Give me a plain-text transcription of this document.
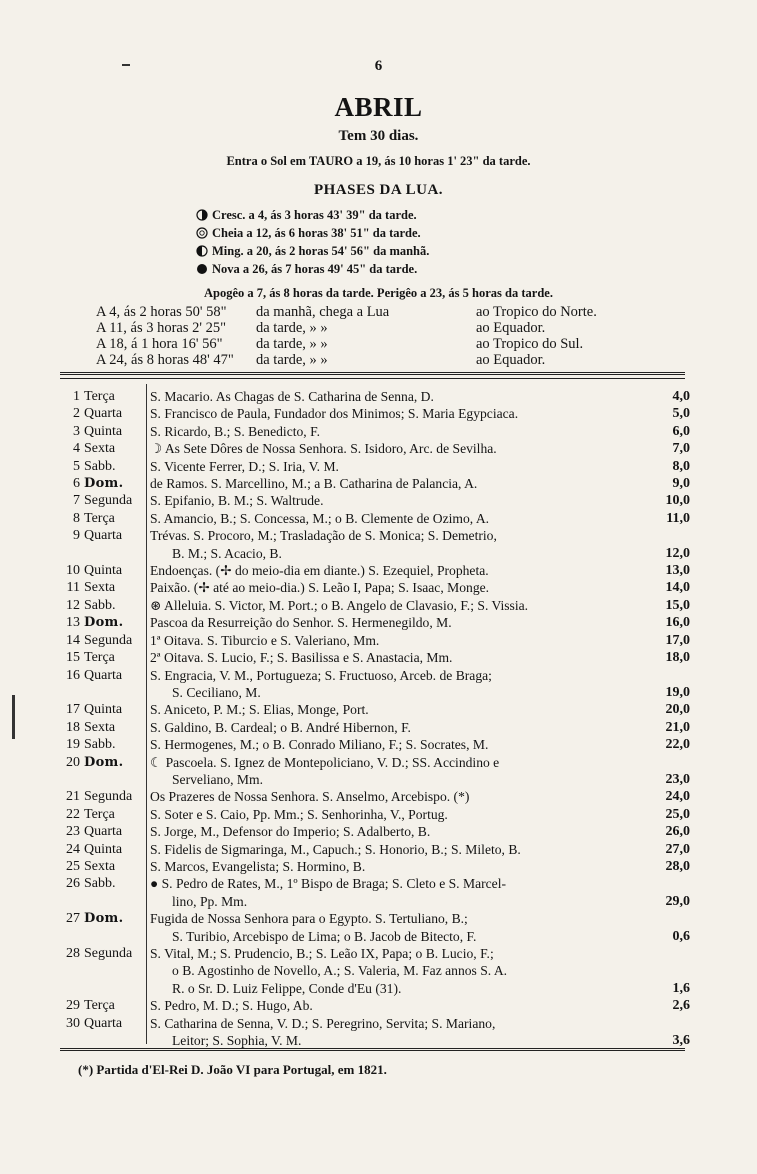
6
ABRIL
Tem 30 dias.
Entra o Sol em TAURO a 19, ás 10 horas 1' 23" da tarde.
PHASES DA LUA.
Cresc. a 4, ás 3 horas 43' 39" da tarde.
Cheia a 12, ás 6 horas 38' 51" da tarde.
Ming. a 20, ás 2 horas 54' 56" da manhã.
Nova a 26, ás 7 horas 49' 45" da tarde.
Apogêo a 7, ás 8 horas da tarde. Perigêo a 23, ás 5 horas da tarde.
A 4, ás 2 horas 50' 58" da manhã, chega a Lua	ao Tropico do Norte.
A 11, ás 3 horas 2' 25" da tarde, » »	ao Equador.
A 18, á 1 hora 16' 56" da tarde, » »	ao Tropico do Sul.
A 24, ás 8 horas 48' 47" da tarde, » »	ao Equador.
1 Terça	S. Macario. As Chagas de S. Catharina de Senna, D.	4,0
2 Quarta	S. Francisco de Paula, Fundador dos Minimos; S. Maria Egypciaca.	5,0
3 Quinta	S. Ricardo, B.; S. Benedicto, F.	6,0
4 Sexta	☽ As Sete Dôres de Nossa Senhora. S. Isidoro, Arc. de Sevilha.	7,0
5 Sabb.	S. Vicente Ferrer, D.; S. Iria, V. M.	8,0
6 Dom.	de Ramos. S. Marcellino, M.; a B. Catharina de Palancia, A.	9,0
7 Segunda	S. Epifanio, B. M.; S. Waltrude.	10,0
8 Terça	S. Amancio, B.; S. Concessa, M.; o B. Clemente de Ozimo, A.	11,0
9 Quarta	Trévas. S. Procoro, M.; Trasladação de S. Monica; S. Demetrio,
B. M.; S. Acacio, B.	12,0
10 Quinta	Endoenças. (✢ do meio-dia em diante.) S. Ezequiel, Propheta.	13,0
11 Sexta	Paixão. (✢ até ao meio-dia.) S. Leão I, Papa; S. Isaac, Monge.	14,0
12 Sabb.	⊛ Alleluia. S. Victor, M. Port.; o B. Angelo de Clavasio, F.; S. Vissia.	15,0
13 Dom.	Pascoa da Resurreição do Senhor. S. Hermenegildo, M.	16,0
14 Segunda	1ª Oitava. S. Tiburcio e S. Valeriano, Mm.	17,0
15 Terça	2ª Oitava. S. Lucio, F.; S. Basilissa e S. Anastacia, Mm.	18,0
16 Quarta	S. Engracia, V. M., Portugueza; S. Fructuoso, Arceb. de Braga;
S. Ceciliano, M.	19,0
17 Quinta	S. Aniceto, P. M.; S. Elias, Monge, Port.	20,0
18 Sexta	S. Galdino, B. Cardeal; o B. André Hibernon, F.	21,0
19 Sabb.	S. Hermogenes, M.; o B. Conrado Miliano, F.; S. Socrates, M.	22,0
20 Dom.	☾ Pascoela. S. Ignez de Montepoliciano, V. D.; SS. Accindino e
Serveliano, Mm.	23,0
21 Segunda	Os Prazeres de Nossa Senhora. S. Anselmo, Arcebispo. (*)	24,0
22 Terça	S. Soter e S. Caio, Pp. Mm.; S. Senhorinha, V., Portug.	25,0
23 Quarta	S. Jorge, M., Defensor do Imperio; S. Adalberto, B.	26,0
24 Quinta	S. Fidelis de Sigmaringa, M., Capuch.; S. Honorio, B.; S. Mileto, B.	27,0
25 Sexta	S. Marcos, Evangelista; S. Hormino, B.	28,0
26 Sabb.	● S. Pedro de Rates, M., 1º Bispo de Braga; S. Cleto e S. Marcel-
lino, Pp. Mm.	29,0
27 Dom.	Fugida de Nossa Senhora para o Egypto. S. Tertuliano, B.;
S. Turibio, Arcebispo de Lima; o B. Jacob de Bitecto, F.	0,6
28 Segunda	S. Vital, M.; S. Prudencio, B.; S. Leão IX, Papa; o B. Lucio, F.;
o B. Agostinho de Novello, A.; S. Valeria, M. Faz annos S. A.
R. o Sr. D. Luiz Felippe, Conde d'Eu (31).	1,6
29 Terça	S. Pedro, M. D.; S. Hugo, Ab.	2,6
30 Quarta	S. Catharina de Senna, V. D.; S. Peregrino, Servita; S. Mariano,
Leitor; S. Sophia, V. M.	3,6
(*) Partida d'El-Rei D. João VI para Portugal, em 1821.
